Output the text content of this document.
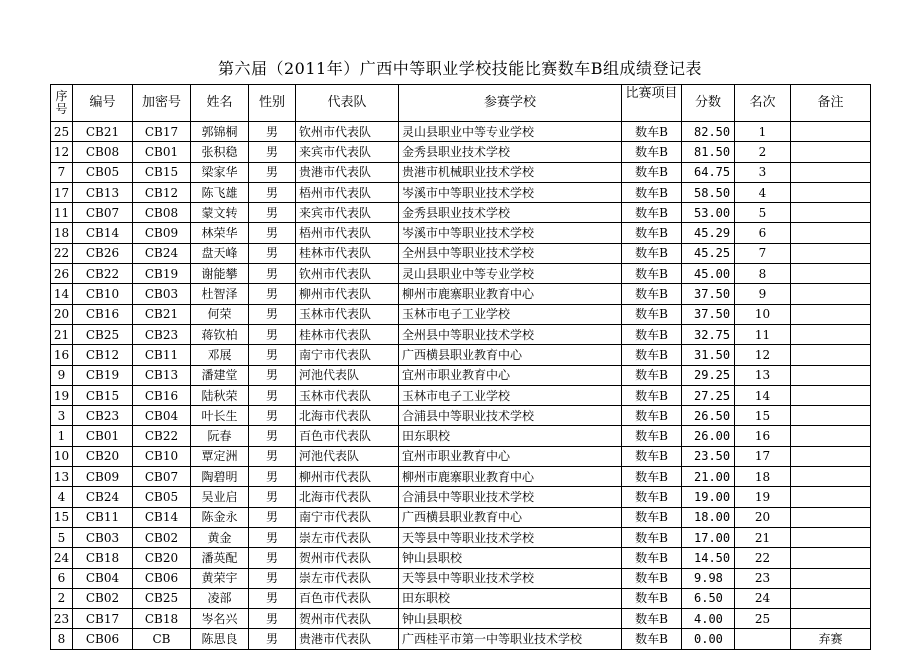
第六届（2011年）广西中等职业学校技能比赛数车B组成绩登记表
序号	编号	加密号	姓名	性别	代表队	参赛学校	比赛项目	分数	名次	备注
25	CB21	CB17	郭锦桐	男	钦州市代表队	灵山县职业中等专业学校	数车B	82.50	1	
12	CB08	CB01	张积稳	男	来宾市代表队	金秀县职业技术学校	数车B	81.50	2	
7	CB05	CB15	梁家华	男	贵港市代表队	贵港市机械职业技术学校	数车B	64.75	3	
17	CB13	CB12	陈飞雄	男	梧州市代表队	岑溪市中等职业技术学校	数车B	58.50	4	
11	CB07	CB08	蒙文转	男	来宾市代表队	金秀县职业技术学校	数车B	53.00	5	
18	CB14	CB09	林荣华	男	梧州市代表队	岑溪市中等职业技术学校	数车B	45.29	6	
22	CB26	CB24	盘天峰	男	桂林市代表队	全州县中等职业技术学校	数车B	45.25	7	
26	CB22	CB19	谢能攀	男	钦州市代表队	灵山县职业中等专业学校	数车B	45.00	8	
14	CB10	CB03	杜智泽	男	柳州市代表队	柳州市鹿寨职业教育中心	数车B	37.50	9	
20	CB16	CB21	何荣	男	玉林市代表队	玉林市电子工业学校	数车B	37.50	10	
21	CB25	CB23	蒋钦柏	男	桂林市代表队	全州县中等职业技术学校	数车B	32.75	11	
16	CB12	CB11	邓展	男	南宁市代表队	广西横县职业教育中心	数车B	31.50	12	
9	CB19	CB13	潘建堂	男	河池代表队	宜州市职业教育中心	数车B	29.25	13	
19	CB15	CB16	陆秋荣	男	玉林市代表队	玉林市电子工业学校	数车B	27.25	14	
3	CB23	CB04	叶长生	男	北海市代表队	合浦县中等职业技术学校	数车B	26.50	15	
1	CB01	CB22	阮春	男	百色市代表队	田东职校	数车B	26.00	16	
10	CB20	CB10	覃定洲	男	河池代表队	宜州市职业教育中心	数车B	23.50	17	
13	CB09	CB07	陶碧明	男	柳州市代表队	柳州市鹿寨职业教育中心	数车B	21.00	18	
4	CB24	CB05	吴业启	男	北海市代表队	合浦县中等职业技术学校	数车B	19.00	19	
15	CB11	CB14	陈金永	男	南宁市代表队	广西横县职业教育中心	数车B	18.00	20	
5	CB03	CB02	黄金	男	崇左市代表队	天等县中等职业技术学校	数车B	17.00	21	
24	CB18	CB20	潘英配	男	贺州市代表队	钟山县职校	数车B	14.50	22	
6	CB04	CB06	黄荣宇	男	崇左市代表队	天等县中等职业技术学校	数车B	9.98	23	
2	CB02	CB25	凌部	男	百色市代表队	田东职校	数车B	6.50	24	
23	CB17	CB18	岑名兴	男	贺州市代表队	钟山县职校	数车B	4.00	25	
8	CB06	CB	陈思良	男	贵港市代表队	广西桂平市第一中等职业技术学校	数车B	0.00		弃赛
